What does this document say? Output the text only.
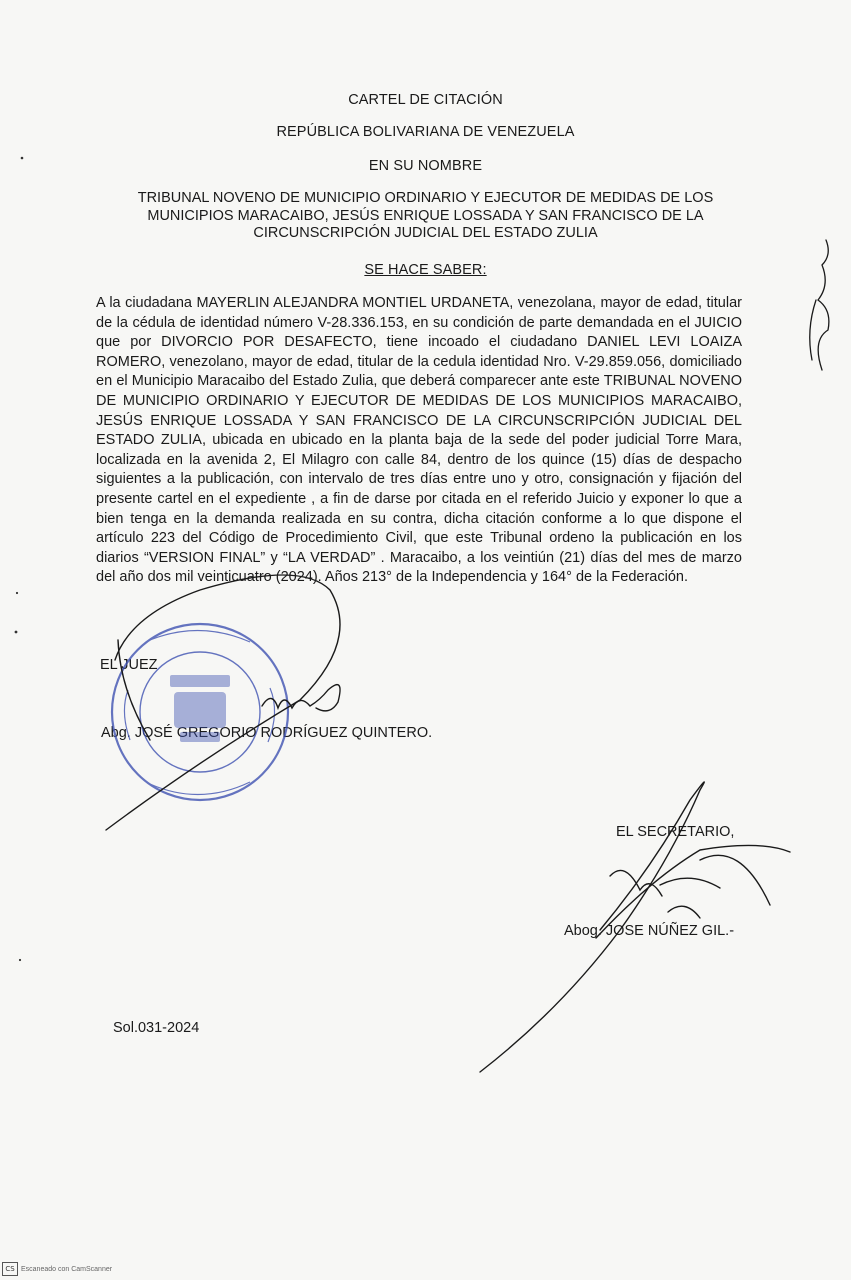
CARTEL DE CITACIÓN
REPÚBLICA BOLIVARIANA DE VENEZUELA
EN SU NOMBRE
TRIBUNAL NOVENO DE MUNICIPIO ORDINARIO Y EJECUTOR DE MEDIDAS DE LOS
MUNICIPIOS MARACAIBO, JESÚS ENRIQUE LOSSADA Y SAN FRANCISCO DE LA
CIRCUNSCRIPCIÓN JUDICIAL DEL ESTADO ZULIA
SE HACE SABER:
A la ciudadana MAYERLIN ALEJANDRA MONTIEL URDANETA, venezolana, mayor de edad, titular de la cédula de identidad número V-28.336.153, en su condición de parte demandada en el JUICIO que por DIVORCIO POR DESAFECTO, tiene incoado el ciudadano DANIEL LEVI LOAIZA ROMERO, venezolano, mayor de edad, titular de la cedula identidad Nro. V-29.859.056, domiciliado en el Municipio Maracaibo del Estado Zulia, que deberá comparecer ante este TRIBUNAL NOVENO DE MUNICIPIO ORDINARIO Y EJECUTOR DE MEDIDAS DE LOS MUNICIPIOS MARACAIBO, JESÚS ENRIQUE LOSSADA Y SAN FRANCISCO DE LA CIRCUNSCRIPCIÓN JUDICIAL DEL ESTADO ZULIA, ubicada en ubicado en la planta baja de la sede del poder judicial Torre Mara, localizada en la avenida 2, El Milagro con calle 84, dentro de los quince (15) días de despacho siguientes a la publicación, con intervalo de tres días entre uno y otro, consignación y fijación del presente cartel en el expediente , a fin de darse por citada en el referido Juicio y exponer lo que a bien tenga en la demanda realizada en su contra, dicha citación conforme a lo que dispone el artículo 223 del Código de Procedimiento Civil, que este Tribunal ordeno la publicación en los diarios “VERSION FINAL” y “LA VERDAD” . Maracaibo, a los veintiún (21) días del mes de marzo del año dos mil veinticuatro (2024). Años 213° de la Independencia y 164° de la Federación.
EL JUEZ
Abg. JOSÉ GREGORIO RODRÍGUEZ QUINTERO.
EL SECRETARIO,
Abog. JOSE NÚÑEZ GIL.-
Sol.031-2024
CS Escaneado con CamScanner
